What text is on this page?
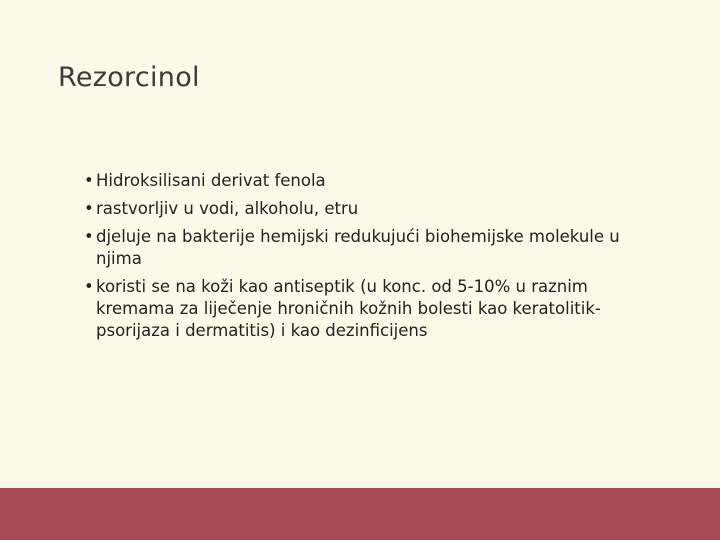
Rezorcinol
• Hidroksilisani derivat fenola
• rastvorljiv u vodi, alkoholu, etru
• djeluje na bakterije hemijski redukujući biohemijske molekule u njima
• koristi se na koži kao antiseptik (u konc. od 5-10% u raznim kremama za liječenje hroničnih kožnih bolesti kao keratolitik-psorijaza i dermatitis) i kao dezinficijens
